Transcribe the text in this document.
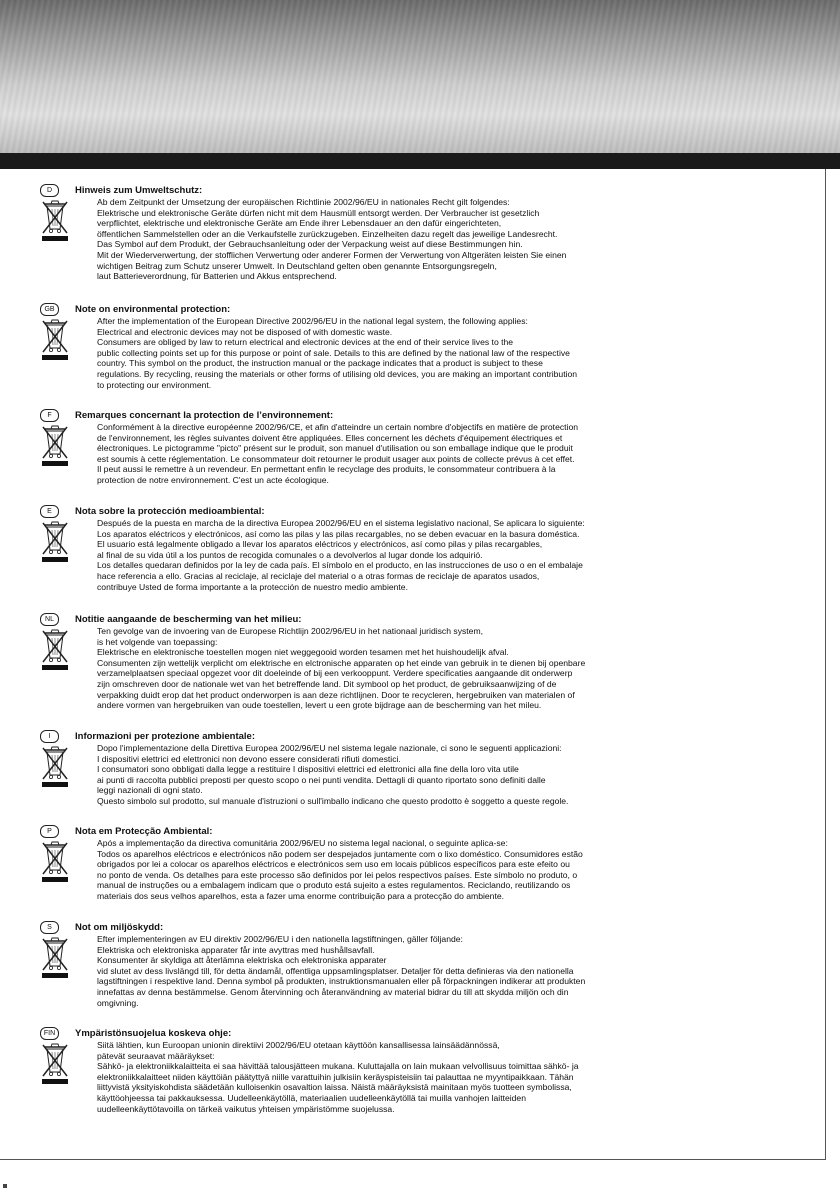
D	Hinweis zum Umweltschutz:
Ab dem Zeitpunkt der Umsetzung der europäischen Richtlinie 2002/96/EU in nationales Recht gilt folgendes:
Elektrische und elektronische Geräte dürfen nicht mit dem Hausmüll entsorgt werden. Der Verbraucher ist gesetzlich
verpflichtet, elektrische und elektronische Geräte am Ende ihrer Lebensdauer an den dafür eingerichteten,
öffentlichen Sammelstellen oder an die Verkaufstelle zurückzugeben. Einzelheiten dazu regelt das jeweilige Landesrecht.
Das Symbol auf dem Produkt, der Gebrauchsanleitung oder der Verpackung weist auf diese Bestimmungen hin.
Mit der Wiederverwertung, der stofflichen Verwertung oder anderer Formen der Verwertung von Altgeräten leisten Sie einen
wichtigen Beitrag zum Schutz unserer Umwelt. In Deutschland gelten oben genannte Entsorgungsregeln,
laut Batterieverordnung, für Batterien und Akkus entsprechend.
GB	Note on environmental protection:
After the implementation of the European Directive 2002/96/EU in the national legal system, the following applies:
Electrical and electronic devices may not be disposed of with domestic waste.
Consumers are obliged by law to return electrical and electronic devices at the end of their service lives to the
public collecting points set up for this purpose or point of sale. Details to this are defined by the national law of the respective
country. This symbol on the product, the instruction manual or the package indicates that a product is subject to these
regulations. By recycling, reusing the materials or other forms of utilising old devices, you are making an important contribution
to protecting our environment.
F	Remarques concernant la protection de l’environnement:
Conformément à la directive européenne 2002/96/CE, et afin d'atteindre un certain nombre d'objectifs en matière de protection
de l'environnement, les règles suivantes doivent être appliquées. Elles concernent les déchets d'équipement électriques et
électroniques. Le pictogramme "picto" présent sur le produit, son manuel d'utilisation ou son emballage indique que le produit
est soumis à cette réglementation. Le consommateur doit retourner le produit usager aux points de collecte prévus à cet effet.
Il peut aussi le remettre à un revendeur. En permettant enfin le recyclage des produits, le consommateur contribuera à la
protection de notre environnement. C'est un acte écologique.
E	Nota sobre la protección medioambiental:
Después de la puesta en marcha de la directiva Europea 2002/96/EU en el sistema legislativo nacional, Se aplicara lo siguiente:
Los aparatos eléctricos y electrónicos, así como las pilas y las pilas recargables, no se deben evacuar en la basura doméstica.
El usuario está legalmente obligado a llevar los aparatos eléctricos y electrónicos, así como pilas y pilas recargables,
al final de su vida útil a los puntos de recogida comunales o a devolverlos al lugar donde los adquirió.
Los detalles quedaran definidos por la ley de cada país. El símbolo en el producto, en las instrucciones de uso o en el embalaje
hace referencia a ello. Gracias al reciclaje, al reciclaje del material o a otras formas de reciclaje de aparatos usados,
contribuye Usted de forma importante a la protección de nuestro medio ambiente.
NL	Notitie aangaande de bescherming van het milieu:
Ten gevolge van de invoering van de Europese Richtlijn 2002/96/EU in het nationaal juridisch system,
is het volgende van toepassing:
Elektrische en elektronische toestellen mogen niet weggegooid worden tesamen met het huishoudelijk afval.
Consumenten zijn wettelijk verplicht om elektrische en elctronische apparaten op het einde van gebruik in te dienen bij openbare
verzamelplaatsen speciaal opgezet voor dit doeleinde of bij een verkooppunt. Verdere specificaties aangaande dit onderwerp
zijn omschreven door de nationale wet van het betreffende land. Dit symbool op het product, de gebruiksaanwijzing of de
verpakking duidt erop dat het product onderworpen is aan deze richtlijnen. Door te recycleren, hergebruiken van materialen of
andere vormen van hergebruiken van oude toestellen, levert u een grote bijdrage aan de bescherming van het mileu.
I	Informazioni per protezione ambientale:
Dopo l'implementazione della Direttiva Europea 2002/96/EU nel sistema legale nazionale, ci sono le seguenti applicazioni:
I dispositivi elettrici ed elettronici non devono essere considerati rifiuti domestici.
I consumatori sono obbligati dalla legge a restituire I dispositivi elettrici ed elettronici alla fine della loro vita utile
ai punti di raccolta pubblici preposti per questo scopo o nei punti vendita. Dettagli di quanto riportato sono definiti dalle
leggi nazionali di ogni stato.
Questo simbolo sul prodotto, sul manuale d'istruzioni o sull'imballo indicano che questo prodotto è soggetto a queste regole.
P	Nota em Protecção Ambiental:
Após a implementação da directiva comunitária 2002/96/EU no sistema legal nacional, o seguinte aplica-se:
Todos os aparelhos eléctricos e electrónicos não podem ser despejados juntamente com o lixo doméstico. Consumidores estão
obrigados por lei a colocar os aparelhos eléctricos e electrónicos sem uso em locais públicos específicos para este efeito ou
no ponto de venda. Os detalhes para este processo são definidos por lei pelos respectivos países. Este símbolo no produto, o
manual de instruções ou a embalagem indicam que o produto está sujeito a estes regulamentos. Reciclando, reutilizando os
materiais dos seus velhos aparelhos, esta a fazer uma enorme contribuição para a protecção do ambiente.
S	Not om miljöskydd:
Efter implementeringen av EU direktiv 2002/96/EU i den nationella lagstiftningen, gäller följande:
Elektriska och elektroniska apparater får inte avyttras med hushållsavfall.
Konsumenter är skyldiga att återlämna elektriska och elektroniska apparater
vid slutet av dess livslängd till, för detta ändamål, offentliga uppsamlingsplatser. Detaljer för detta definieras via den nationella
lagstiftningen i respektive land. Denna symbol på produkten, instruktionsmanualen eller på förpackningen indikerar att produkten
innefattas av denna bestämmelse. Genom återvinning och återanvändning av material bidrar du till att skydda miljön och din
omgivning.
FIN	Ympäristönsuojelua koskeva ohje:
Siitä lähtien, kun Euroopan unionin direktiivi 2002/96/EU otetaan käyttöön kansallisessa lainsäädännössä,
pätevät seuraavat määräykset:
Sähkö- ja elektroniikkalaitteita ei saa hävittää talousjätteen mukana. Kuluttajalla on lain mukaan velvollisuus toimittaa sähkö- ja
elektroniikkalaitteet niiden käyttöiän päätyttyä niille varattuihin julkisiin keräyspisteisiin tai palauttaa ne myyntipaikkaan. Tähän
liittyvistä yksityiskohdista säädetään kulloisenkin osavaltion laissa. Näistä määräyksistä mainitaan myös tuotteen symbolissa,
käyttöohjeessa tai pakkauksessa. Uudelleenkäytöllä, materiaalien uudelleenkäytöllä tai muilla vanhojen laitteiden
uudelleenkäyttötavoilla on tärkeä vaikutus yhteisen ympäristömme suojelussa.
